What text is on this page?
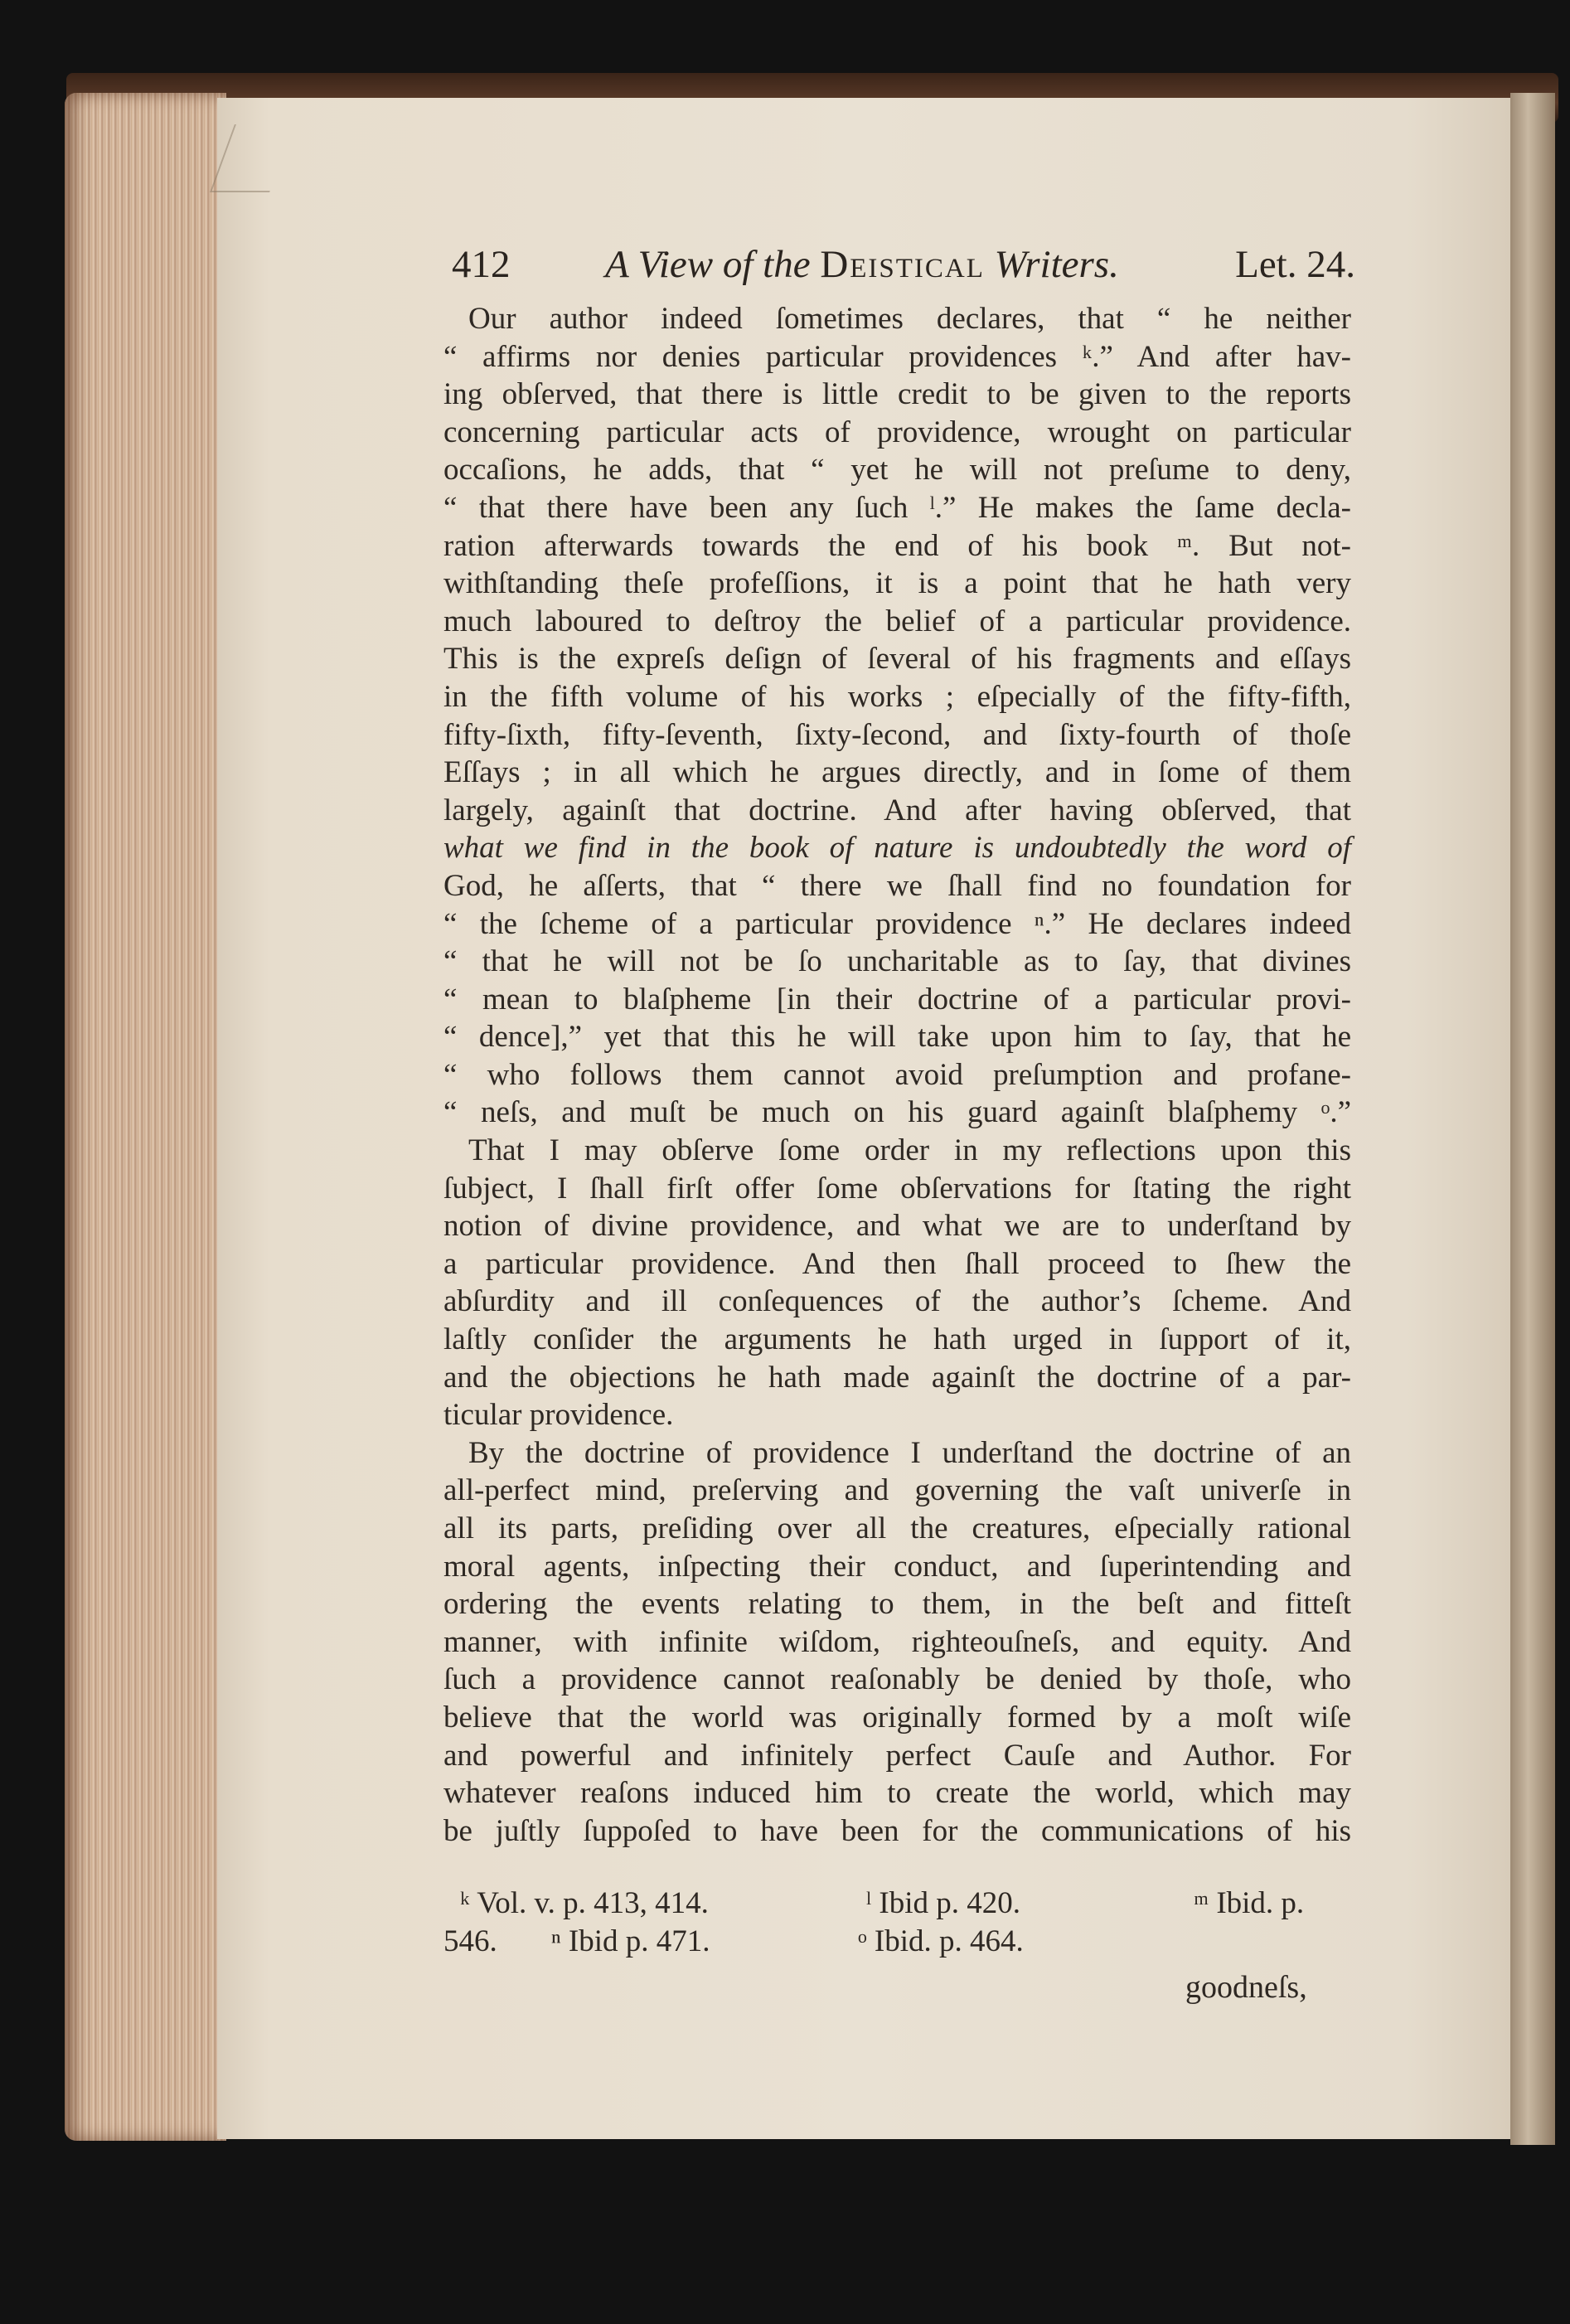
412 A View of the Deistical Writers.	Let. 24.
Our author indeed ſometimes declares, that “ he neither
“ affirms nor denies particular providences ᵏ.” And after hav-
ing obſerved, that there is little credit to be given to the reports
concerning particular acts of providence, wrought on particular
occaſions, he adds, that “ yet he will not preſume to deny,
“ that there have been any ſuch ˡ.” He makes the ſame decla-
ration afterwards towards the end of his book ᵐ. But not-
withſtanding theſe profeſſions, it is a point that he hath very
much laboured to deſtroy the belief of a particular providence.
This is the expreſs deſign of ſeveral of his fragments and eſſays
in the fifth volume of his works ; eſpecially of the fifty-fifth,
fifty-ſixth, fifty-ſeventh, ſixty-ſecond, and ſixty-fourth of thoſe
Eſſays ; in all which he argues directly, and in ſome of them
largely, againſt that doctrine. And after having obſerved, that
what we find in the book of nature is undoubtedly the word of
God, he aſſerts, that “ there we ſhall find no foundation for
“ the ſcheme of a particular providence ⁿ.” He declares indeed
“ that he will not be ſo uncharitable as to ſay, that divines
“ mean to blaſpheme [in their doctrine of a particular provi-
“ dence],” yet that this he will take upon him to ſay, that he
“ who follows them cannot avoid preſumption and profane-
“ neſs, and muſt be much on his guard againſt blaſphemy ᵒ.”
That I may obſerve ſome order in my reflections upon this
ſubject, I ſhall firſt offer ſome obſervations for ſtating the right
notion of divine providence, and what we are to underſtand by
a particular providence. And then ſhall proceed to ſhew the
abſurdity and ill conſequences of the author’s ſcheme. And
laſtly conſider the arguments he hath urged in ſupport of it,
and the objections he hath made againſt the doctrine of a par-
ticular providence.
By the doctrine of providence I underſtand the doctrine of an
all-perfect mind, preſerving and governing the vaſt univerſe in
all its parts, preſiding over all the creatures, eſpecially rational
moral agents, inſpecting their conduct, and ſuperintending and
ordering the events relating to them, in the beſt and fitteſt
manner, with infinite wiſdom, righteouſneſs, and equity. And
ſuch a providence cannot reaſonably be denied by thoſe, who
believe that the world was originally formed by a moſt wiſe
and powerful and infinitely perfect Cauſe and Author. For
whatever reaſons induced him to create the world, which may
be juſtly ſuppoſed to have been for the communications of his
ᵏ Vol. v. p. 413, 414.	ˡ Ibid p. 420.	ᵐ Ibid. p.
546. ⁿ Ibid p. 471.	ᵒ Ibid. p. 464.
goodneſs,
